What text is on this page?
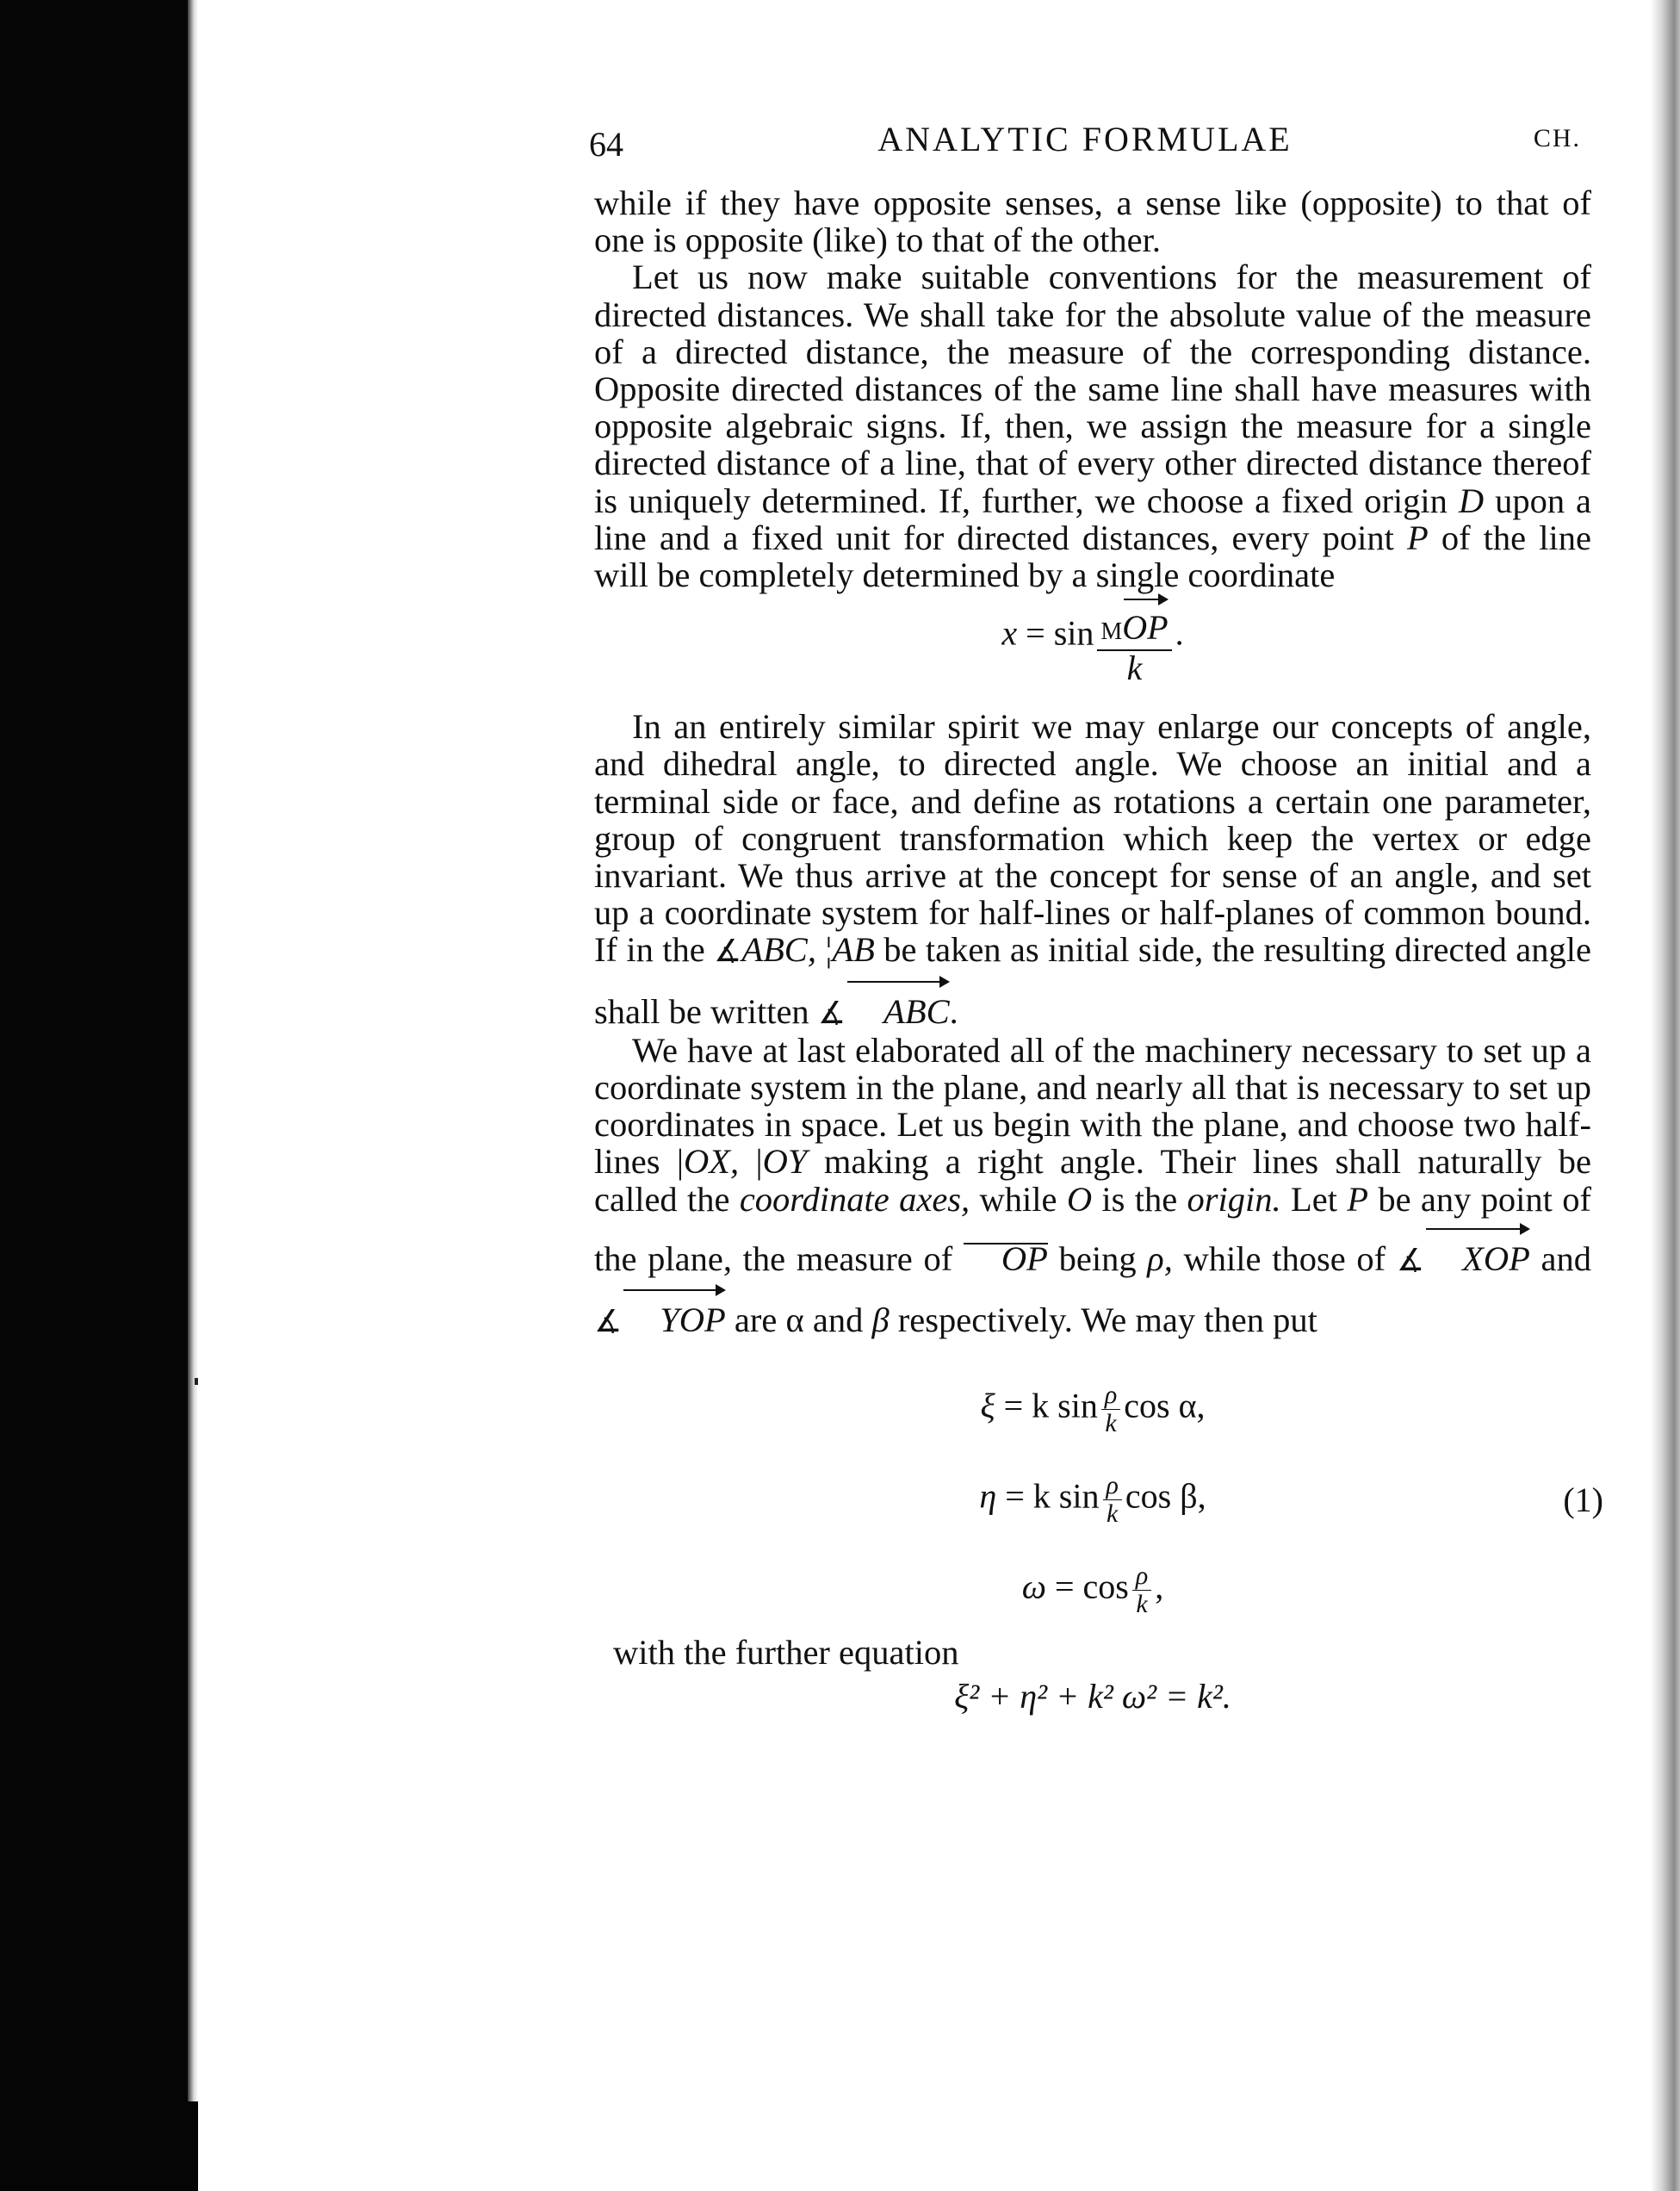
64	ANALYTIC FORMULAE	CH.

while if they have opposite senses, a sense like (opposite) to that of one is opposite (like) to that of the other.

Let us now make suitable conventions for the measurement of directed distances. We shall take for the absolute value of the measure of a directed distance, the measure of the corresponding distance. Opposite directed distances of the same line shall have measures with opposite algebraic signs. If, then, we assign the measure for a single directed distance of a line, that of every other directed distance thereof is uniquely determined. If, further, we choose a fixed origin D upon a line and a fixed unit for directed distances, every point P of the line will be completely determined by a single coordinate

$x = \sin \frac{\text{MOP}}{k}$ .

In an entirely similar spirit we may enlarge our concepts of angle, and dihedral angle, to directed angle. We choose an initial and a terminal side or face, and define as rotations a certain one parameter, group of congruent transformation which keep the vertex or edge invariant. We thus arrive at the concept for sense of an angle, and set up a coordinate system for half-lines or half-planes of common bound. If in the ∡ABC, ¦AB be taken as initial side, the resulting directed angle shall be written ∡ ABC.

We have at last elaborated all of the machinery necessary to set up a coordinate system in the plane, and nearly all that is necessary to set up coordinates in space. Let us begin with the plane, and choose two half-lines |OX, |OY making a right angle. Their lines shall naturally be called the coordinate axes, while O is the origin. Let P be any point of the plane, the measure of OP being ρ, while those of ∡ XOP and ∡ YOP are α and β respectively. We may then put

ξ = k $\sin \frac{\rho}{k}$ cos α,
η = k $\sin \frac{\rho}{k}$ cos β,	(1)
$\omega = \cos \frac{\rho}{k}$ ,

with the further equation

ξ² + η² + k² ω² = k².
